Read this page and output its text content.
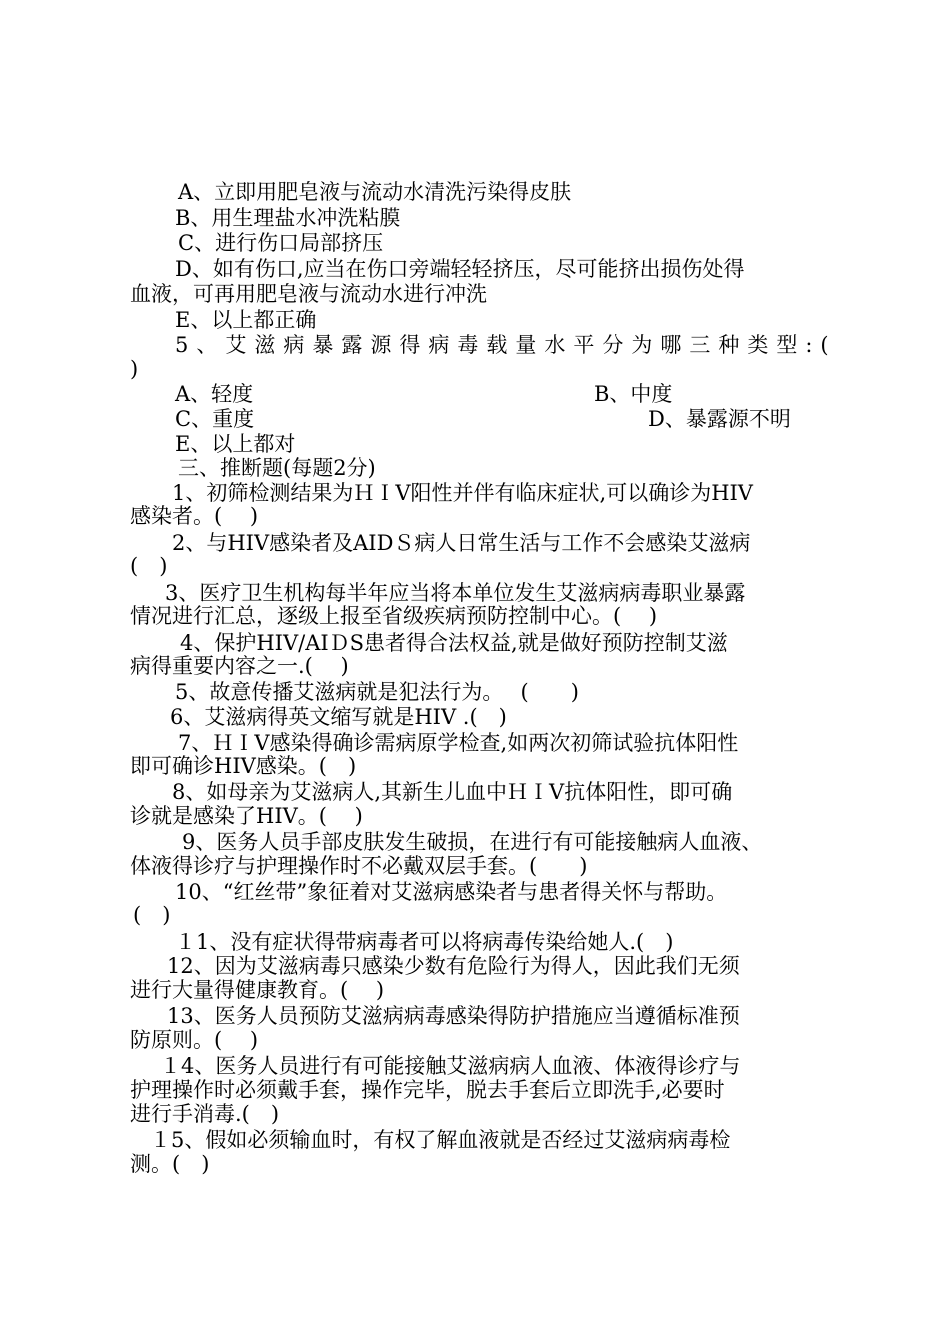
A、立即用肥皂液与流动水清洗污染得皮肤
B、用生理盐水冲洗粘膜
C、进行伤口局部挤压
D、如有伤口,应当在伤口旁端轻轻挤压，尽可能挤出损伤处得
血液，可再用肥皂液与流动水进行冲洗
E、以上都正确
5、艾滋病暴露源得病毒载量水平分为哪三种类型:(
)
A、轻度	B、中度
C、重度	D、暴露源不明
E、以上都对
三、推断题(每题2分)
1、初筛检测结果为ＨＩV阳性并伴有临床症状,可以确诊为HIV
感染者。(　 )
2、与HIV感染者及AIDＳ病人日常生活与工作不会感染艾滋病
(　)
3、医疗卫生机构每半年应当将本单位发生艾滋病病毒职业暴露
情况进行汇总，逐级上报至省级疾病预防控制中心。(　 )
4、保护HIV/AIＤS患者得合法权益,就是做好预防控制艾滋
病得重要内容之一.(　 )
5、故意传播艾滋病就是犯法行为。　 (　　)
6、艾滋病得英文缩写就是HIV .(　)
7、ＨＩV感染得确诊需病原学检查,如两次初筛试验抗体阳性
即可确诊HIV感染。(　)
8、如母亲为艾滋病人,其新生儿血中ＨＩV抗体阳性，即可确
诊就是感染了HIV。(　 )
9、医务人员手部皮肤发生破损，在进行有可能接触病人血液、
体液得诊疗与护理操作时不必戴双层手套。(　　)
10、“红丝带”象征着对艾滋病感染者与患者得关怀与帮助。
(　)
１1、没有症状得带病毒者可以将病毒传染给她人.(　)
12、因为艾滋病毒只感染少数有危险行为得人，因此我们无须
进行大量得健康教育。(　 )
13、医务人员预防艾滋病病毒感染得防护措施应当遵循标准预
防原则。(　 )
１4、医务人员进行有可能接触艾滋病病人血液、体液得诊疗与
护理操作时必须戴手套，操作完毕，脱去手套后立即洗手,必要时
进行手消毒.(　)
１5、假如必须输血时，有权了解血液就是否经过艾滋病病毒检
测。(　)
